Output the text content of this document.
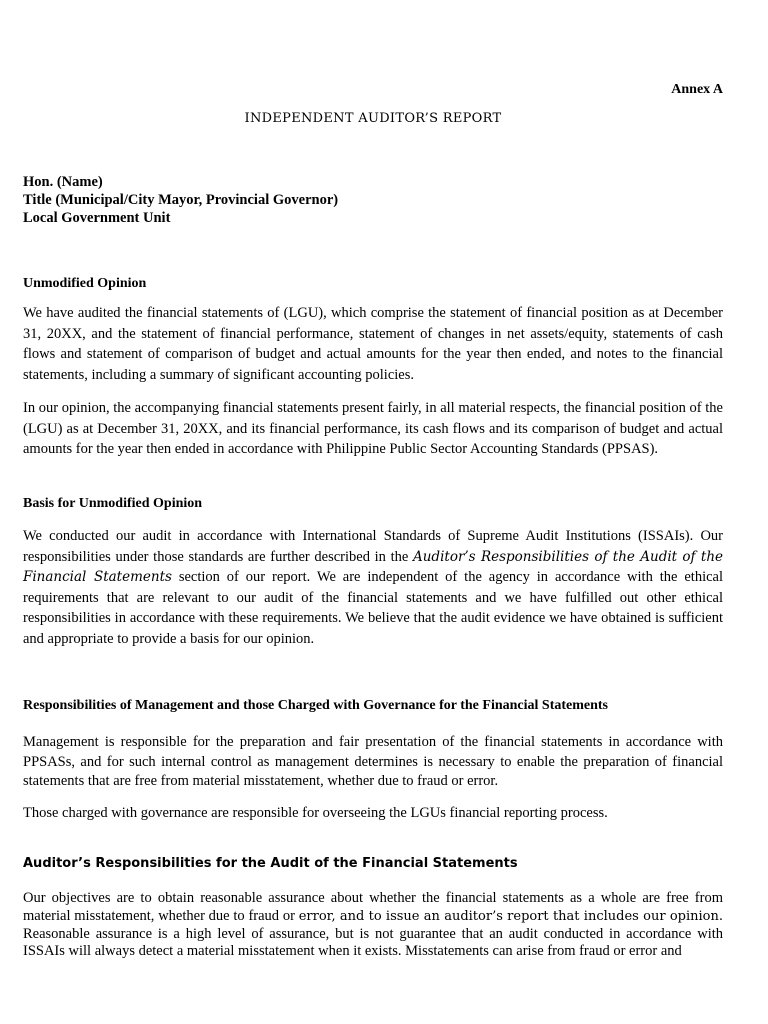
Annex A
INDEPENDENT AUDITOR’S REPORT
Hon. (Name)
Title (Municipal/City Mayor, Provincial Governor)
Local Government Unit
Unmodified Opinion
We have audited the financial statements of (LGU), which comprise the statement of financial position as at December 31, 20XX, and the statement of financial performance, statement of changes in net assets/equity, statements of cash flows and statement of comparison of budget and actual amounts for the year then ended, and notes to the financial statements, including a summary of significant accounting policies.
In our opinion, the accompanying financial statements present fairly, in all material respects, the financial position of the (LGU) as at December 31, 20XX, and its financial performance, its cash flows and its comparison of budget and actual amounts for the year then ended in accordance with Philippine Public Sector Accounting Standards (PPSAS).
Basis for Unmodified Opinion
We conducted our audit in accordance with International Standards of Supreme Audit Institutions (ISSAIs). Our responsibilities under those standards are further described in the Auditor’s Responsibilities of the Audit of the Financial Statements section of our report. We are independent of the agency in accordance with the ethical requirements that are relevant to our audit of the financial statements and we have fulfilled out other ethical responsibilities in accordance with these requirements. We believe that the audit evidence we have obtained is sufficient and appropriate to provide a basis for our opinion.
Responsibilities of Management and those Charged with Governance for the Financial Statements
Management is responsible for the preparation and fair presentation of the financial statements in accordance with PPSASs, and for such internal control as management determines is necessary to enable the preparation of financial statements that are free from material misstatement, whether due to fraud or error.
Those charged with governance are responsible for overseeing the LGUs financial reporting process.
Auditor’s Responsibilities for the Audit of the Financial Statements
Our objectives are to obtain reasonable assurance about whether the financial statements as a whole are free from material misstatement, whether due to fraud or error, and to issue an auditor’s report that includes our opinion. Reasonable assurance is a high level of assurance, but is not guarantee that an audit conducted in accordance with ISSAIs will always detect a material misstatement when it exists. Misstatements can arise from fraud or error and
